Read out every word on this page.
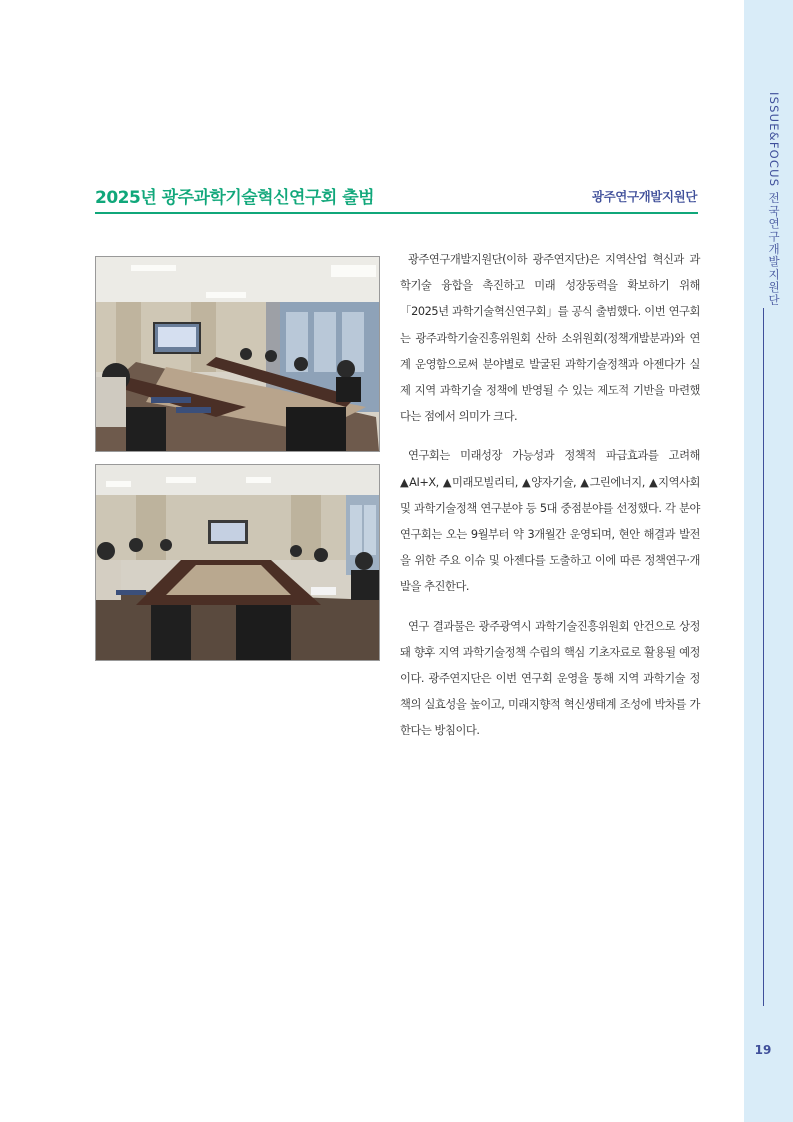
ISSUE&FOCUS 전국연구개발지원단
19
2025년 광주과학기술혁신연구회 출범	광주연구개발지원단

광주연구개발지원단(이하 광주연지단)은 지역산업 혁신과 과학기술 융합을 촉진하고 미래 성장동력을 확보하기 위해 「2025년 과학기술혁신연구회」를 공식 출범했다. 이번 연구회는 광주과학기술진흥위원회 산하 소위원회(정책개발분과)와 연계 운영함으로써 분야별로 발굴된 과학기술정책과 아젠다가 실제 지역 과학기술 정책에 반영될 수 있는 제도적 기반을 마련했다는 점에서 의미가 크다.

연구회는 미래성장 가능성과 정책적 파급효과를 고려해 ▲AI+X, ▲미래모빌리티, ▲양자기술, ▲그린에너지, ▲지역사회 및 과학기술정책 연구분야 등 5대 중점분야를 선정했다. 각 분야 연구회는 오는 9월부터 약 3개월간 운영되며, 현안 해결과 발전을 위한 주요 이슈 및 아젠다를 도출하고 이에 따른 정책연구·개발을 추진한다.

연구 결과물은 광주광역시 과학기술진흥위원회 안건으로 상정돼 향후 지역 과학기술정책 수립의 핵심 기초자료로 활용될 예정이다. 광주연지단은 이번 연구회 운영을 통해 지역 과학기술 정책의 실효성을 높이고, 미래지향적 혁신생태계 조성에 박차를 가한다는 방침이다.
